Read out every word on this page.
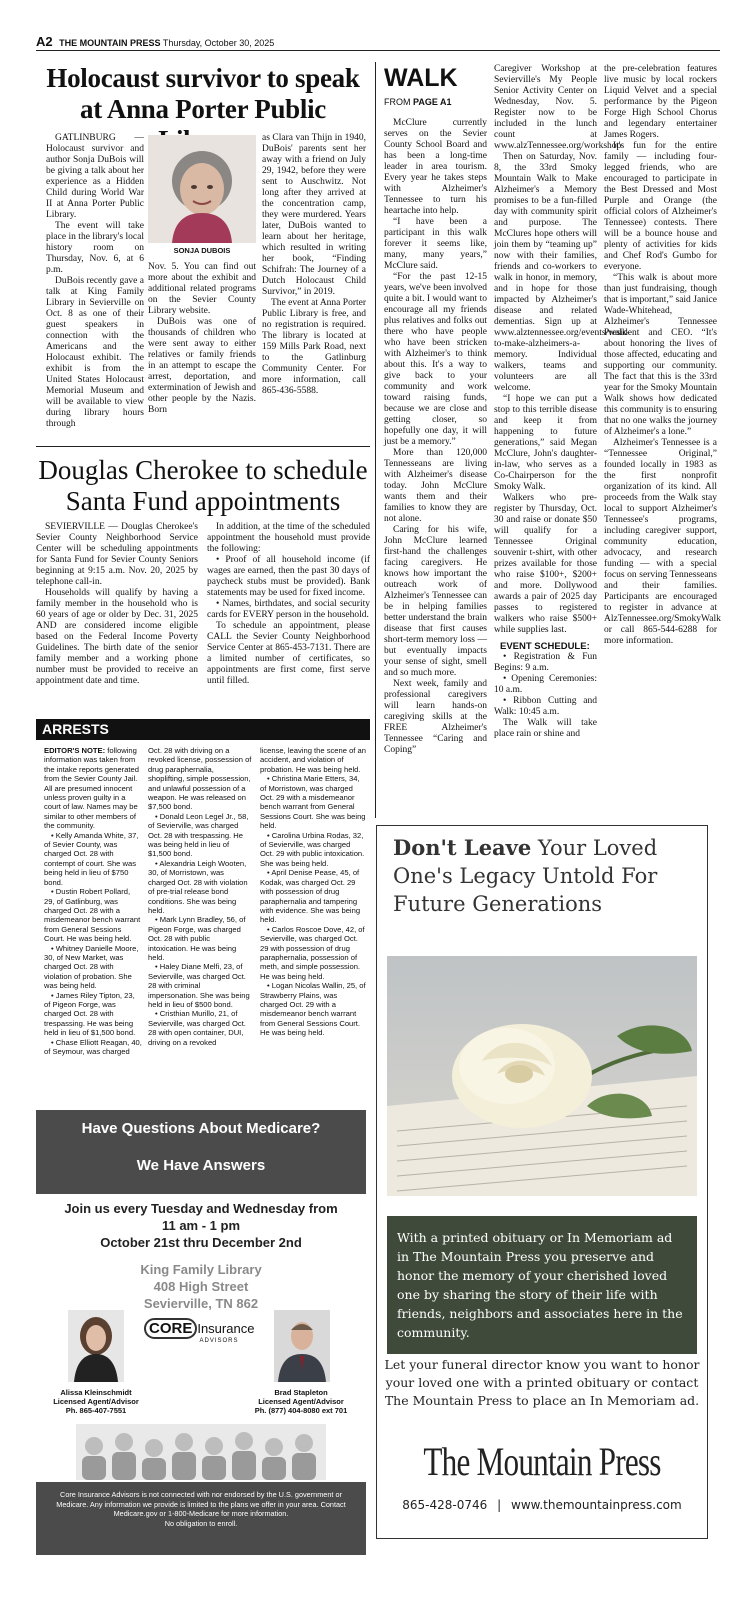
A2 THE MOUNTAIN PRESS Thursday, October 30, 2025
Holocaust survivor to speak at Anna Porter Public

GATLINBURG — Holocaust survivor and author Sonja DuBois will be giving a talk about her experience as a Hidden Child during World War II at Anna Porter Public Library.

The event will take place in the library's local history room on Thursday, Nov. 6, at 6 p.m.

DuBois recently gave a talk at King Family Library in Sevierville on Oct. 8 as one of their guest speakers in connection with the Americans and the Holocaust exhibit. The exhibit is from the United States Holocaust Memorial Museum and will be available to view during library hours through

SONJA DUBOIS

Nov. 5. You can find out more about the exhibit and additional related programs on the Sevier County Library website.

DuBois was one of thousands of children who were sent away to either relatives or family friends in an attempt to escape the arrest, deportation, and extermination of Jewish and other people by the Nazis. Born

as Clara van Thijn in 1940, DuBois' parents sent her away with a friend on July 29, 1942, before they were sent to Auschwitz. Not long after they arrived at the concentration camp, they were murdered. Years later, DuBois wanted to learn about her heritage, which resulted in writing her book, “Finding Schifrah: The Journey of a Dutch Holocaust Child Survivor,” in 2019.

The event at Anna Porter Public Library is free, and no registration is required. The library is located at 159 Mills Park Road, next to the Gatlinburg Community Center. For more information, call 865-436-5588.

Douglas Cherokee to schedule Santa Fund appointments

SEVIERVILLE — Douglas Cherokee's Sevier County Neighborhood Service Center will be scheduling appointments for Santa Fund for Sevier County Seniors beginning at 9:15 a.m. Nov. 20, 2025 by telephone call-in.

Households will qualify by having a family member in the household who is 60 years of age or older by Dec. 31, 2025 AND are considered income eligible based on the Federal Income Poverty Guidelines. The birth date of the senior family member and a working phone number must be provided to receive an appointment date and time.

In addition, at the time of the scheduled appointment the household must provide the following:

• Proof of all household income (if wages are earned, then the past 30 days of paycheck stubs must be provided). Bank statements may be used for fixed income.

• Names, birthdates, and social security cards for EVERY person in the household.

To schedule an appointment, please CALL the Sevier County Neighborhood Service Center at 865-453-7131. There are a limited number of certificates, so appointments are first come, first serve until filled.

ARRESTS

EDITOR'S NOTE: following information was taken from the intake reports generated from the Sevier County Jail. All are presumed innocent unless proven guilty in a court of law. Names may be similar to other members of the community.

• Kelly Amanda White, 37, of Sevier County, was charged Oct. 28 with contempt of court. She was being held in lieu of $750 bond.

• Dustin Robert Pollard, 29, of Gatlinburg, was charged Oct. 28 with a misdemeanor bench warrant from General Sessions Court. He was being held.

• Whitney Danielle Moore, 30, of New Market, was charged Oct. 28 with violation of probation. She was being held.

• James Riley Tipton, 23, of Pigeon Forge, was charged Oct. 28 with trespassing. He was being held in lieu of $1,500 bond.

• Chase Elliott Reagan, 40, of Seymour, was charged

Oct. 28 with driving on a revoked license, possession of drug paraphernalia, shoplifting, simple possession, and unlawful possession of a weapon. He was released on $7,500 bond.

• Donald Leon Legel Jr., 58, of Sevierville, was charged Oct. 28 with trespassing. He was being held in lieu of $1,500 bond.

• Alexandria Leigh Wooten, 30, of Morristown, was charged Oct. 28 with violation of pre-trial release bond conditions. She was being held.

• Mark Lynn Bradley, 56, of Pigeon Forge, was charged Oct. 28 with public intoxication. He was being held.

• Haley Diane Melfi, 23, of Sevierville, was charged Oct. 28 with criminal impersonation. She was being held in lieu of $500 bond.

• Cristhian Murillo, 21, of Sevierville, was charged Oct. 28 with open container, DUI, driving on a revoked

license, leaving the scene of an accident, and violation of probation. He was being held.

• Christina Marie Etters, 34, of Morristown, was charged Oct. 29 with a misdemeanor bench warrant from General Sessions Court. She was being held.

• Carolina Urbina Rodas, 32, of Sevierville, was charged Oct. 29 with public intoxication. She was being held.

• April Denise Pease, 45, of Kodak, was charged Oct. 29 with possession of drug paraphernalia and tampering with evidence. She was being held.

• Carlos Roscoe Dove, 42, of Sevierville, was charged Oct. 29 with possession of drug paraphernalia, possession of meth, and simple possession. He was being held.

• Logan Nicolas Wallin, 25, of Strawberry Plains, was charged Oct. 29 with a misdemeanor bench warrant from General Sessions Court. He was being held.

WALK
FROM PAGE A1

McClure currently serves on the Sevier County School Board and has been a long-time leader in area tourism. Every year he takes steps with Alzheimer's Tennessee to turn his heartache into help.

“I have been a participant in this walk forever it seems like, many, many years,” McClure said.

“For the past 12-15 years, we've been involved quite a bit. I would want to encourage all my friends plus relatives and folks out there who have people who have been stricken with Alzheimer's to think about this. It's a way to give back to your community and work toward raising funds, because we are close and getting closer, so hopefully one day, it will just be a memory.”

More than 120,000 Tennesseans are living with Alzheimer's disease today. John McClure wants them and their families to know they are not alone.

Caring for his wife, John McClure learned first-hand the challenges facing caregivers. He knows how important the outreach work of Alzheimer's Tennessee can be in helping families better understand the brain disease that first causes short-term memory loss — but eventually impacts your sense of sight, smell and so much more.

Next week, family and professional caregivers will learn hands-on caregiving skills at the FREE Alzheimer's Tennessee “Caring and Coping”

Caregiver Workshop at Sevierville's My People Senior Activity Center on Wednesday, Nov. 5. Register now to be included in the lunch count at www.alzTennessee.org/workshop

Then on Saturday, Nov. 8, the 33rd Smoky Mountain Walk to Make Alzheimer's a Memory promises to be a fun-filled day with community spirit and purpose. The McClures hope others will join them by “teaming up” now with their families, friends and co-workers to walk in honor, in memory, and in hope for those impacted by Alzheimer's disease and related dementias. Sign up at www.alztennessee.org/events/walk-to-make-alzheimers-a-memory. Individual walkers, teams and volunteers are all welcome.

“I hope we can put a stop to this terrible disease and keep it from happening to future generations,” said Megan McClure, John's daughter-in-law, who serves as a Co-Chairperson for the Smoky Walk.

Walkers who pre-register by Thursday, Oct. 30 and raise or donate $50 will qualify for a Tennessee Original souvenir t-shirt, with other prizes available for those who raise $100+, $200+ and more. Dollywood awards a pair of 2025 day passes to registered walkers who raise $500+ while supplies last.

EVENT SCHEDULE:

• Registration & Fun Begins: 9 a.m.

• Opening Ceremonies: 10 a.m.

• Ribbon Cutting and Walk: 10:45 a.m.

The Walk will take place rain or shine and

the pre-celebration features live music by local rockers Liquid Velvet and a special performance by the Pigeon Forge High School Chorus and legendary entertainer James Rogers.

It's fun for the entire family — including four-legged friends, who are encouraged to participate in the Best Dressed and Most Purple and Orange (the official colors of Alzheimer's Tennessee) contests. There will be a bounce house and plenty of activities for kids and Chef Rod's Gumbo for everyone.

“This walk is about more than just fundraising, though that is important,” said Janice Wade-Whitehead, Alzheimer's Tennessee President and CEO. “It's about honoring the lives of those affected, educating and supporting our community. The fact that this is the 33rd year for the Smoky Mountain Walk shows how dedicated this community is to ensuring that no one walks the journey of Alzheimer's a lone.”

Alzheimer's Tennessee is a “Tennessee Original,” founded locally in 1983 as the first nonprofit organization of its kind. All proceeds from the Walk stay local to support Alzheimer's Tennessee's programs, including caregiver support, community education, advocacy, and research funding — with a special focus on serving Tennesseans and their families. Participants are encouraged to register in advance at AlzTennessee.org/SmokyWalk or call 865-544-6288 for more information.

Have Questions About Medicare?
We Have Answers
Join us every Tuesday and Wednesday from
11 am - 1 pm
October 21st thru December 2nd
King Family Library
408 High Street
Sevierville, TN 862
CORE Insurance
ADVISORS
Alissa Kleinschmidt
Licensed Agent/Advisor
Ph. 865-407-7551
Brad Stapleton
Licensed Agent/Advisor
Ph. (877) 404-8080 ext 701
Core Insurance Advisors is not connected with nor endorsed by the U.S. government or Medicare. Any information we provide is limited to the plans we offer in your area. Contact Medicare.gov or 1-800-Medicare for more information.
No obligation to enroll.
Don't Leave Your Loved One's Legacy Untold For Future Generations
With a printed obituary or In Memoriam ad in The Mountain Press you preserve and honor the memory of your cherished loved one by sharing the story of their life with friends, neighbors and associates here in the community.
Let your funeral director know you want to honor your loved one with a printed obituary or contact The Mountain Press to place an In Memoriam ad.
The Mountain Press
865-428-0746 | www.themountainpress.com
